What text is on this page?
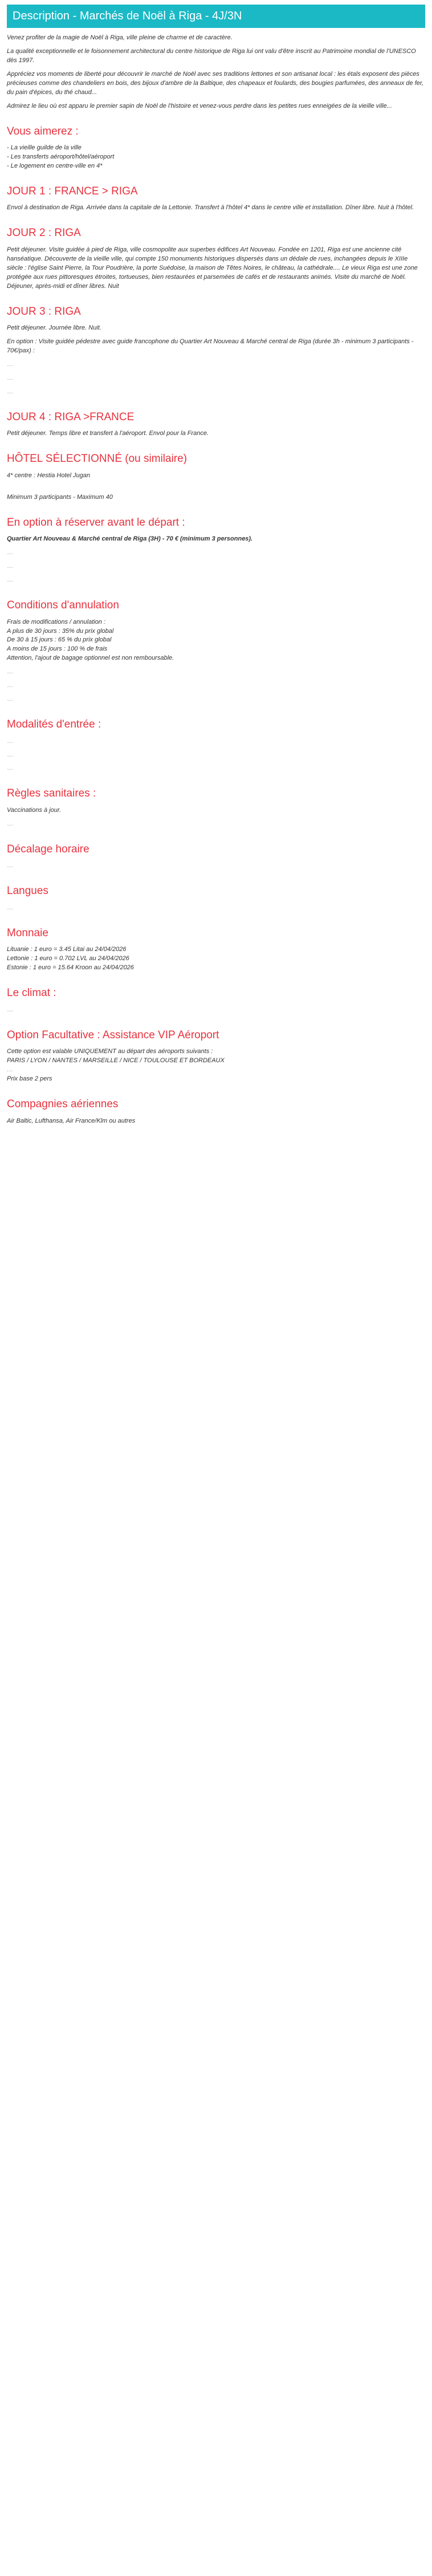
Description - Marchés de Noël à Riga - 4J/3N

Venez profiter de la magie de Noël à Riga, ville pleine de charme et de caractère.

La qualité exceptionnelle et le foisonnement architectural du centre historique de Riga lui ont valu d'être inscrit au Patrimoine mondial de l'UNESCO dès 1997.

Appréciez vos moments de liberté pour découvrir le marché de Noël avec ses traditions lettones et son artisanat local : les étals exposent des pièces précieuses comme des chandeliers en bois, des bijoux d'ambre de la Baltique, des chapeaux et foulards, des bougies parfumées, des anneaux de fer, du pain d'épices, du thé chaud...

Admirez le lieu où est apparu le premier sapin de Noël de l'histoire et venez-vous perdre dans les petites rues enneigées de la vieille ville...

Vous aimerez :
- La vieille guilde de la ville
- Les transferts aéroport/hôtel/aéroport
- Le logement en centre-ville en 4*
JOUR 1 : FRANCE > RIGA

Envol à destination de Riga. Arrivée dans la capitale de la Lettonie. Transfert à l'hôtel 4* dans le centre ville et installation. Dîner libre. Nuit à l'hôtel.

JOUR 2 : RIGA

Petit déjeuner. Visite guidée à pied de Riga, ville cosmopolite aux superbes édifices Art Nouveau. Fondée en 1201, Riga est une ancienne cité hanséatique. Découverte de la vieille ville, qui compte 150 monuments historiques dispersés dans un dédale de rues, inchangées depuis le XIIIe siècle : l'église Saint Pierre, la Tour Poudrière, la porte Suédoise, la maison de Têtes Noires, le château, la cathédrale.... Le vieux Riga est une zone protégée aux rues pittoresques étroites, tortueuses, bien restaurées et parsemées de cafés et de restaurants animés. Visite du marché de Noël. Déjeuner, après-midi et dîner libres. Nuit

JOUR 3 : RIGA

Petit déjeuner. Journée libre. Nuit.

En option : Visite guidée pédestre avec guide francophone du Quartier Art Nouveau & Marché central de Riga (durée 3h - minimum 3 participants - 70€/pax) :

…

…

…

JOUR 4 : RIGA >FRANCE

Petit déjeuner. Temps libre et transfert à l'aéroport. Envol pour la France.

HÔTEL SÉLECTIONNÉ (ou similaire)

4* centre : Hestia Hotel Jugan

Minimum 3 participants - Maximum 40

En option à réserver avant le départ :

Quartier Art Nouveau & Marché central de Riga (3H) - 70 € (minimum 3 personnes).

…

…

…

Conditions d'annulation
Frais de modifications / annulation :
A plus de 30 jours : 35% du prix global
De 30 à 15 jours : 65 % du prix global
A moins de 15 jours : 100 % de frais
Attention, l'ajout de bagage optionnel est non remboursable.

…

…

…

Modalités d'entrée :

…

…

…

Règles sanitaires :

Vaccinations à jour.

…

Décalage horaire

…

Langues

…

Monnaie
Lituanie : 1 euro = 3.45 Litai au 24/04/2026
Lettonie : 1 euro = 0.702 LVL au 24/04/2026
Estonie : 1 euro = 15.64 Kroon au 24/04/2026
Le climat :

…

Option Facultative : Assistance VIP Aéroport
Cette option est valable UNIQUEMENT au départ des aéroports suivants :
PARIS / LYON / NANTES / MARSEILLE / NICE / TOULOUSE ET BORDEAUX
…
Prix base 2 pers
Compagnies aériennes

Air Baltic, Lufthansa, Air France/Klm ou autres
